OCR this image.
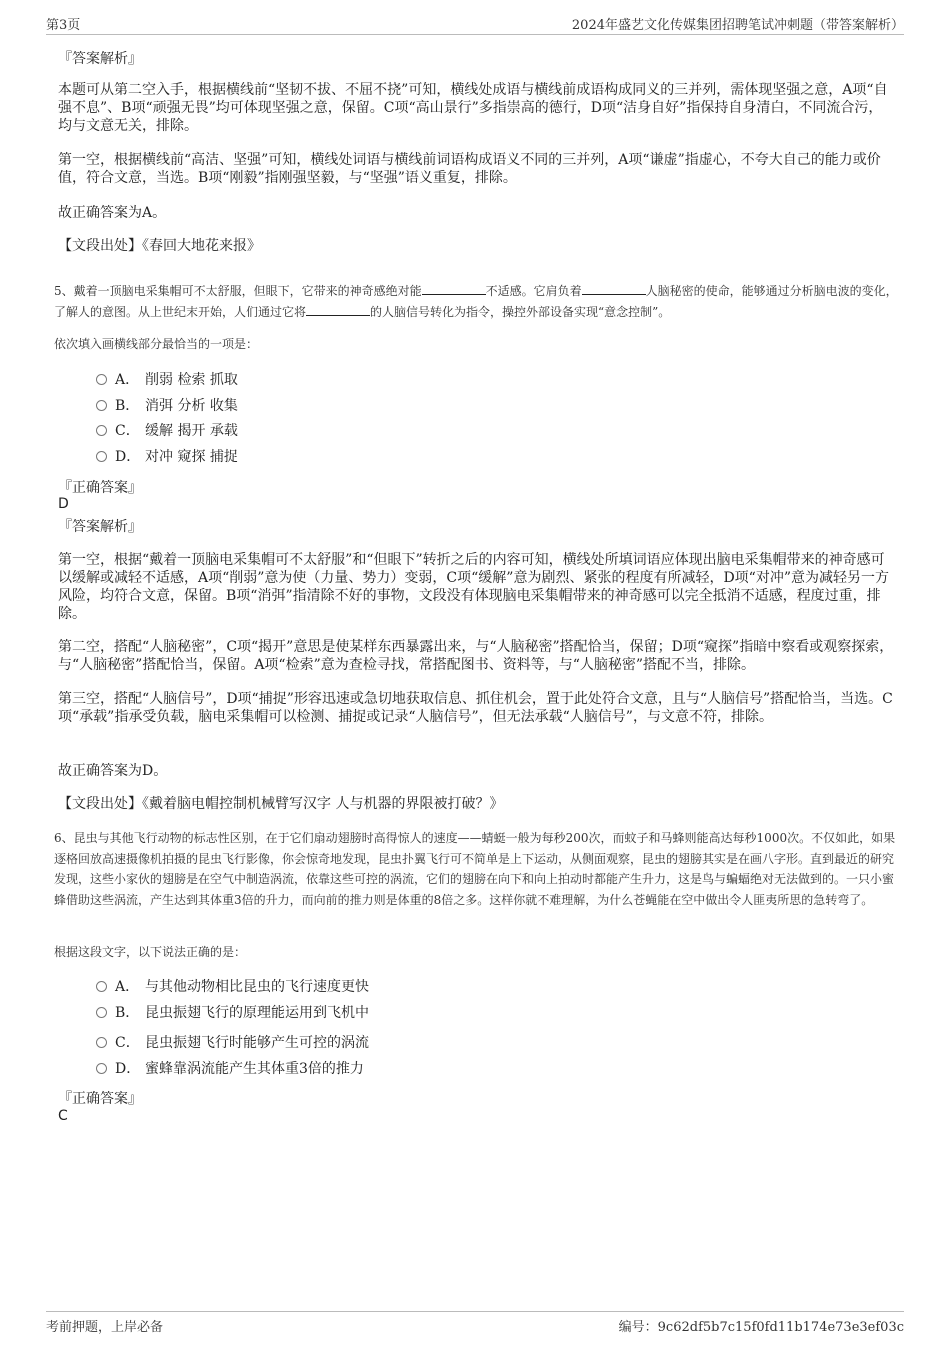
第3页	2024年盛艺文化传媒集团招聘笔试冲刺题（带答案解析）
『答案解析』
本题可从第二空入手，根据横线前“坚韧不拔、不屈不挠”可知，横线处成语与横线前成语构成同义的三并列，需体现坚强之意，A项“自强不息”、B项“顽强无畏”均可体现坚强之意，保留。C项“高山景行”多指崇高的德行，D项“洁身自好”指保持自身清白，不同流合污，均与文意无关，排除。
第一空，根据横线前“高洁、坚强”可知，横线处词语与横线前词语构成语义不同的三并列，A项“谦虚”指虚心，不夸大自己的能力或价值，符合文意，当选。B项“刚毅”指刚强坚毅，与“坚强”语义重复，排除。
故正确答案为A。
【文段出处】《春回大地花来报》
5、戴着一顶脑电采集帽可不太舒服，但眼下，它带来的神奇感绝对能	不适感。它肩负着	人脑秘密的使命，能够通过分析脑电波的变化，了解人的意图。从上世纪末开始，人们通过它将	的人脑信号转化为指令，操控外部设备实现“意念控制”。
依次填入画横线部分最恰当的一项是：
A． 削弱 检索 抓取
B． 消弭 分析 收集
C． 缓解 揭开 承载
D． 对冲 窥探 捕捉
『正确答案』
D
『答案解析』
第一空，根据“戴着一顶脑电采集帽可不太舒服”和“但眼下”转折之后的内容可知，横线处所填词语应体现出脑电采集帽带来的神奇感可以缓解或减轻不适感，A项“削弱”意为使（力量、势力）变弱，C项“缓解”意为剧烈、紧张的程度有所减轻，D项“对冲”意为减轻另一方风险，均符合文意，保留。B项“消弭”指清除不好的事物，文段没有体现脑电采集帽带来的神奇感可以完全抵消不适感，程度过重，排除。
第二空，搭配“人脑秘密”，C项“揭开”意思是使某样东西暴露出来，与“人脑秘密”搭配恰当，保留；D项“窥探”指暗中察看或观察探索，与“人脑秘密”搭配恰当，保留。A项“检索”意为查检寻找，常搭配图书、资料等，与“人脑秘密”搭配不当，排除。
第三空，搭配“人脑信号”，D项“捕捉”形容迅速或急切地获取信息、抓住机会，置于此处符合文意，且与“人脑信号”搭配恰当，当选。C项“承载”指承受负载，脑电采集帽可以检测、捕捉或记录“人脑信号”，但无法承载“人脑信号”，与文意不符，排除。
故正确答案为D。
【文段出处】《戴着脑电帽控制机械臂写汉字 人与机器的界限被打破？》
6、昆虫与其他飞行动物的标志性区别，在于它们扇动翅膀时高得惊人的速度——蜻蜓一般为每秒200次，而蚊子和马蜂则能高达每秒1000次。不仅如此，如果逐格回放高速摄像机拍摄的昆虫飞行影像，你会惊奇地发现，昆虫扑翼飞行可不简单是上下运动，从侧面观察，昆虫的翅膀其实是在画八字形。直到最近的研究发现，这些小家伙的翅膀是在空气中制造涡流，依靠这些可控的涡流，它们的翅膀在向下和向上拍动时都能产生升力，这是鸟与蝙蝠绝对无法做到的。一只小蜜蜂借助这些涡流，产生达到其体重3倍的升力，而向前的推力则是体重的8倍之多。这样你就不难理解，为什么苍蝇能在空中做出令人匪夷所思的急转弯了。
根据这段文字，以下说法正确的是：
A． 与其他动物相比昆虫的飞行速度更快
B． 昆虫振翅飞行的原理能运用到飞机中
C． 昆虫振翅飞行时能够产生可控的涡流
D． 蜜蜂靠涡流能产生其体重3倍的推力
『正确答案』
C
考前押题，上岸必备	编号：9c62df5b7c15f0fd11b174e73e3ef03c
